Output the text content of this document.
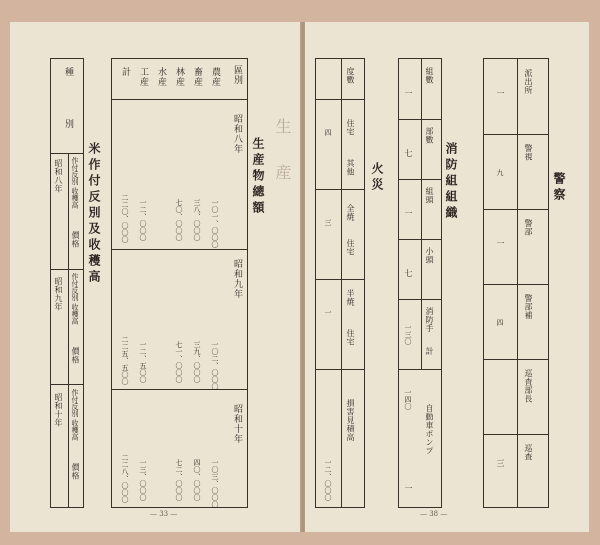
生産物總額 生産
區別
昭和八年
昭和九年
昭和十年
農産
畜産
林産
水産
工産
計
一〇一、〇〇〇
三八、〇〇〇
七〇、〇〇〇
一二、〇〇〇
二二〇、〇〇〇
一〇二、〇〇〇
三九、〇〇〇
七一、〇〇〇
一二、五〇〇
二二五、五〇〇
一〇三、〇〇〇
四〇、〇〇〇
七二、〇〇〇
一三、〇〇〇
二二八、〇〇〇
米作付反別及收穫高
種
別
作付反別 收穫高
價格
昭和八年
作付反別 收穫高
價格
昭和九年
作付反別 收穫高
價格
昭和十年
— 33 —
警察
派出所
警視
警部
警部補
巡査部長
巡查
一
一
三
九
四
消防組組織
組數
部數
組頭
小頭
消防手
計
一
七
一
七
一三〇
一四〇
自動車ポンプ
一
火災
度數
住宅
其他
全焼
住宅
半焼
住宅
損害見積高
四
三
一
一二、〇〇〇
— 38 —
